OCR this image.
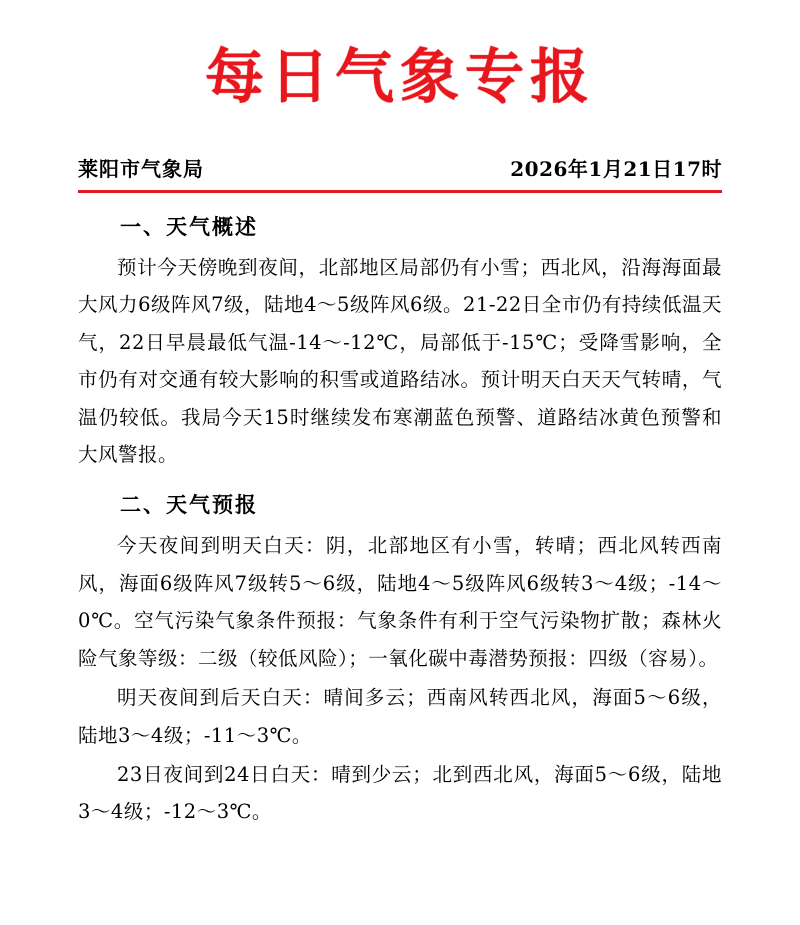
每日气象专报
莱阳市气象局	2026年1月21日17时
一、天气概述

预计今天傍晚到夜间，北部地区局部仍有小雪；西北风，沿海海面最大风力6级阵风7级，陆地4～5级阵风6级。21-22日全市仍有持续低温天气，22日早晨最低气温-14～-12℃，局部低于-15℃；受降雪影响，全市仍有对交通有较大影响的积雪或道路结冰。预计明天白天天气转晴，气温仍较低。我局今天15时继续发布寒潮蓝色预警、道路结冰黄色预警和大风警报。

二、天气预报

今天夜间到明天白天：阴，北部地区有小雪，转晴；西北风转西南风，海面6级阵风7级转5～6级，陆地4～5级阵风6级转3～4级；-14～0℃。空气污染气象条件预报：气象条件有利于空气污染物扩散；森林火险气象等级：二级（较低风险）；一氧化碳中毒潜势预报：四级（容易）。

明天夜间到后天白天：晴间多云；西南风转西北风，海面5～6级，陆地3～4级；-11～3℃。

23日夜间到24日白天：晴到少云；北到西北风，海面5～6级，陆地3～4级；-12～3℃。
